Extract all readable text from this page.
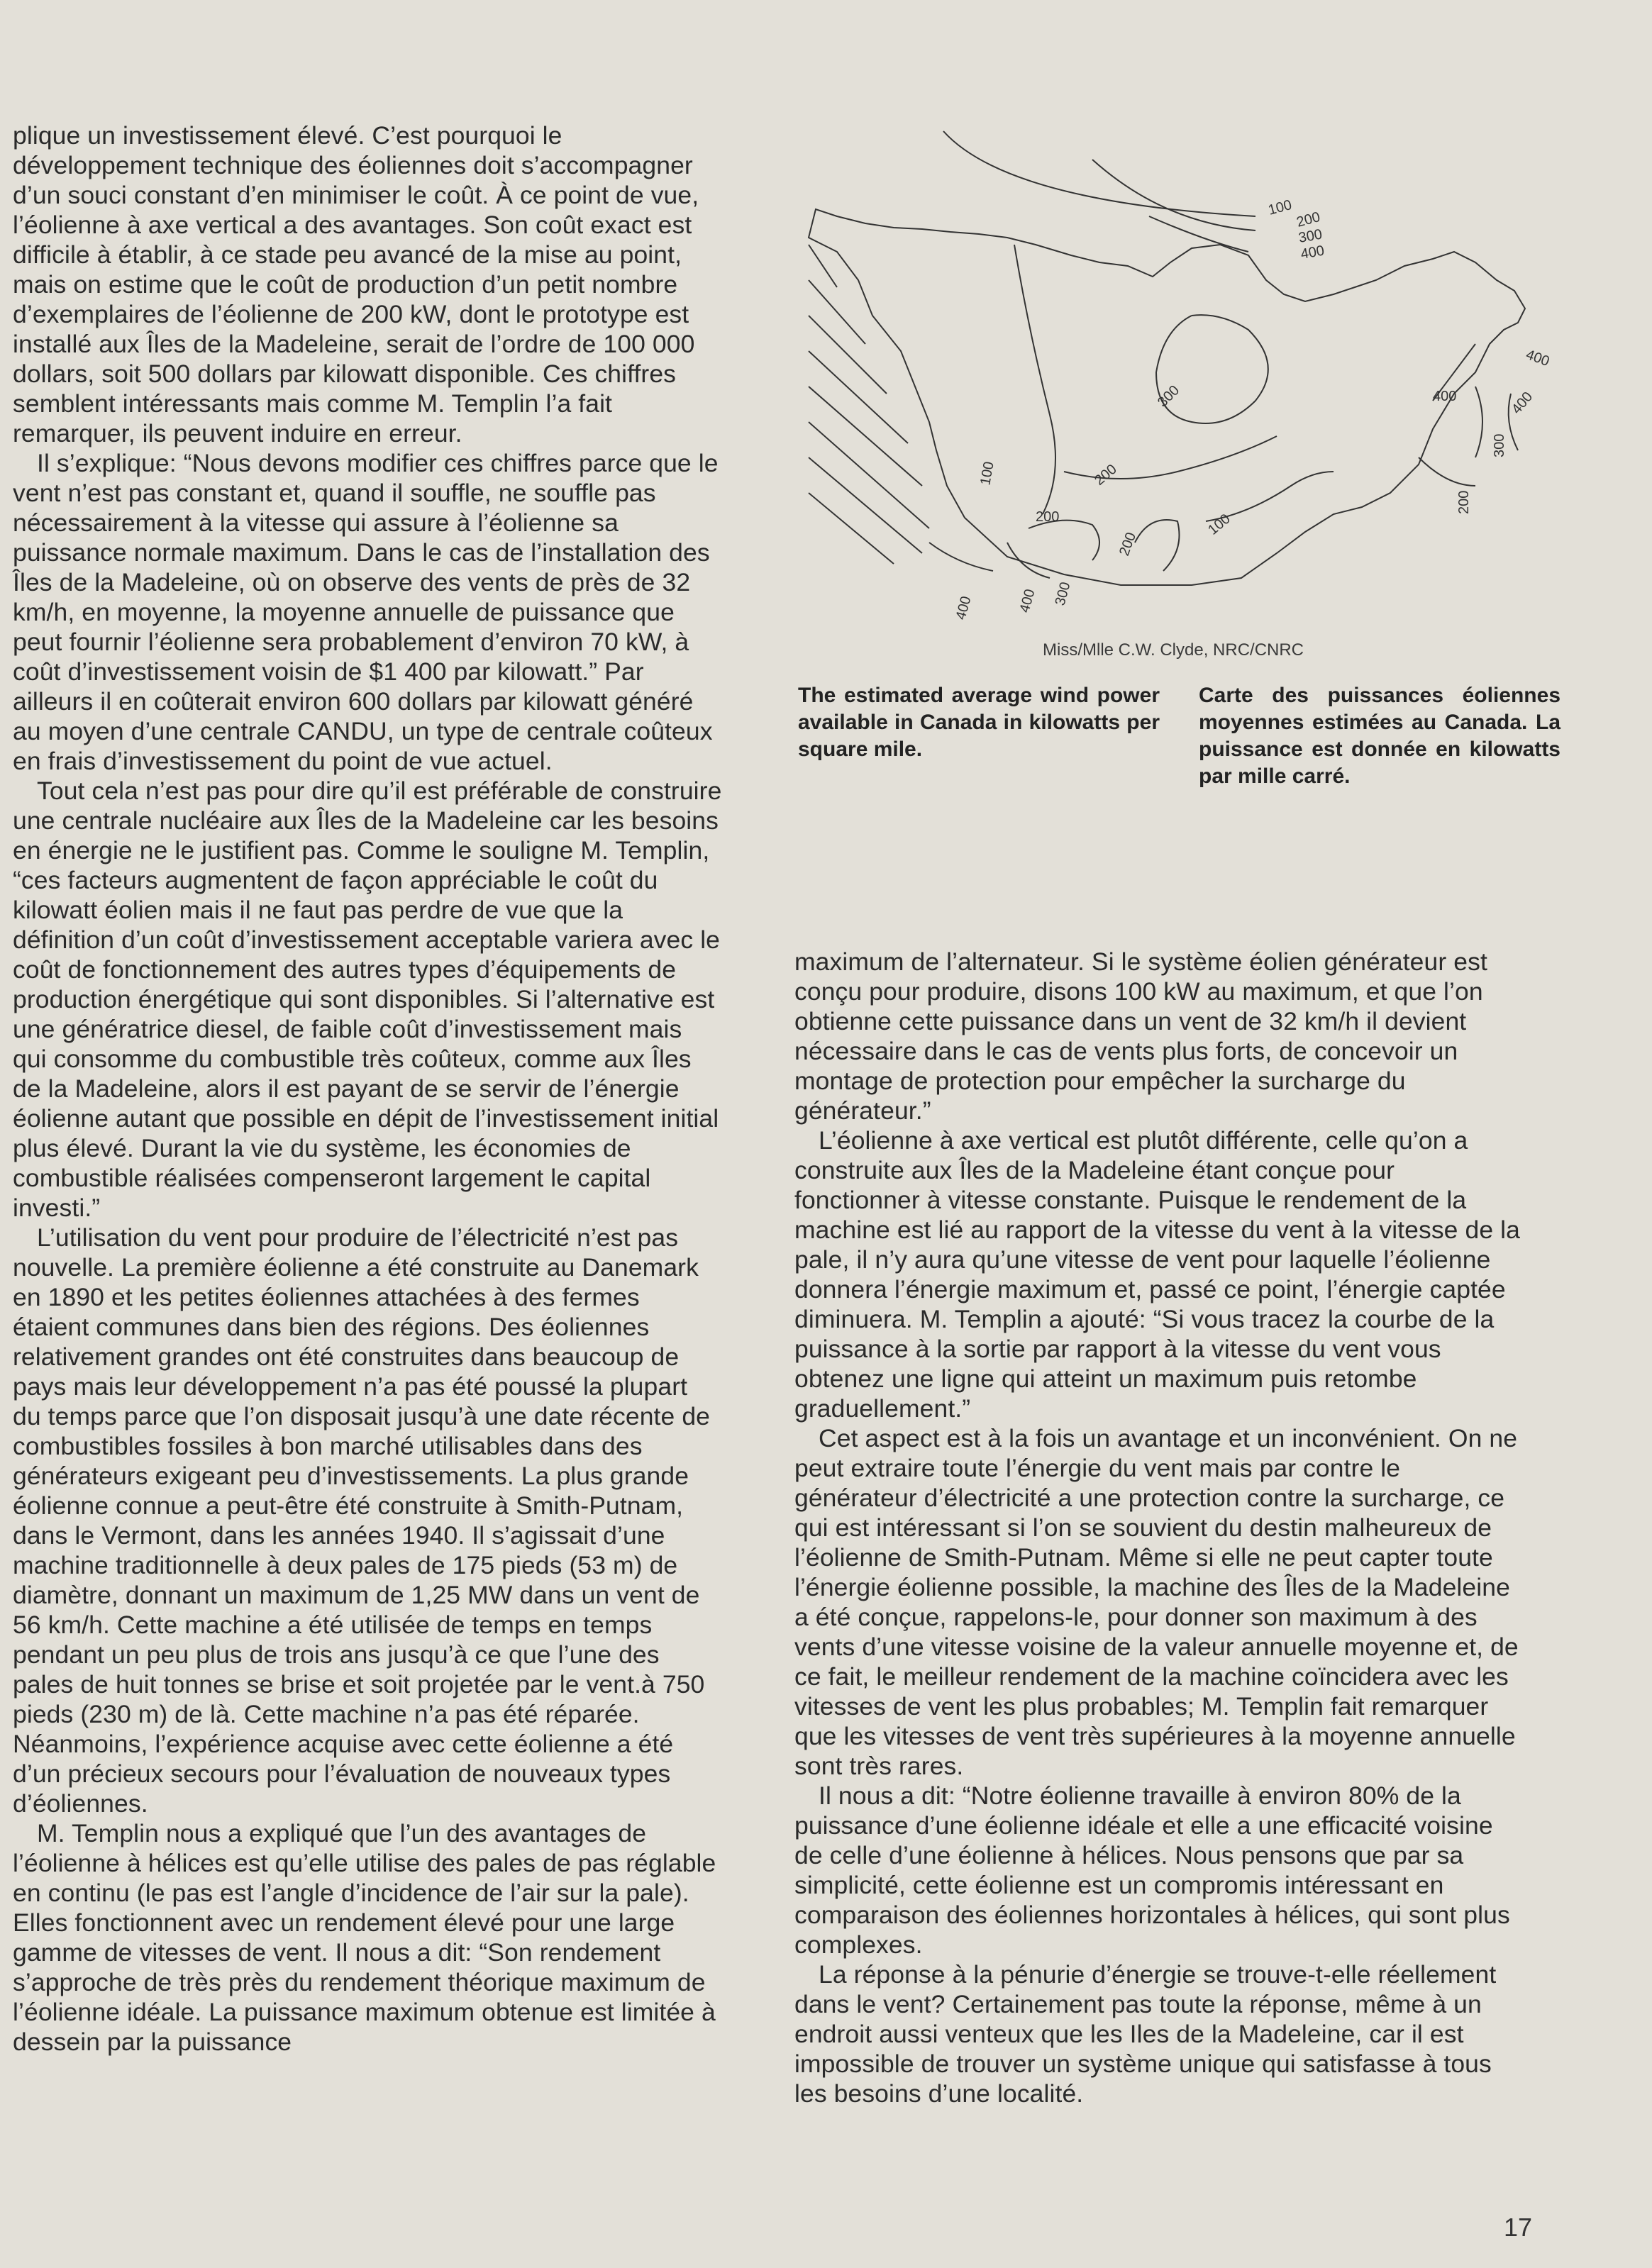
plique un investissement élevé. C’est pourquoi le développement technique des éoliennes doit s’accompagner d’un souci constant d’en minimiser le coût. À ce point de vue, l’éolienne à axe vertical a des avantages. Son coût exact est difficile à établir, à ce stade peu avancé de la mise au point, mais on estime que le coût de production d’un petit nombre d’exemplaires de l’éolienne de 200 kW, dont le prototype est installé aux Îles de la Madeleine, serait de l’ordre de 100 000 dollars, soit 500 dollars par kilowatt disponible. Ces chiffres semblent intéressants mais comme M. Templin l’a fait remarquer, ils peuvent induire en erreur.

Il s’explique: “Nous devons modifier ces chiffres parce que le vent n’est pas constant et, quand il souffle, ne souffle pas nécessairement à la vitesse qui assure à l’éolienne sa puissance normale maximum. Dans le cas de l’installation des Îles de la Madeleine, où on observe des vents de près de 32 km/h, en moyenne, la moyenne annuelle de puissance que peut fournir l’éolienne sera probablement d’environ 70 kW, à coût d’investissement voisin de $1 400 par kilowatt.” Par ailleurs il en coûterait environ 600 dollars par kilowatt généré au moyen d’une centrale CANDU, un type de centrale coûteux en frais d’investissement du point de vue actuel.

Tout cela n’est pas pour dire qu’il est préférable de construire une centrale nucléaire aux Îles de la Madeleine car les besoins en énergie ne le justifient pas. Comme le souligne M. Templin, “ces facteurs augmentent de façon appréciable le coût du kilowatt éolien mais il ne faut pas perdre de vue que la définition d’un coût d’investissement acceptable variera avec le coût de fonctionnement des autres types d’équipements de production énergétique qui sont disponibles. Si l’alternative est une génératrice diesel, de faible coût d’investissement mais qui consomme du combustible très coûteux, comme aux Îles de la Madeleine, alors il est payant de se servir de l’énergie éolienne autant que possible en dépit de l’investissement initial plus élevé. Durant la vie du système, les économies de combustible réalisées compenseront largement le capital investi.”

L’utilisation du vent pour produire de l’électricité n’est pas nouvelle. La première éolienne a été construite au Danemark en 1890 et les petites éoliennes attachées à des fermes étaient communes dans bien des régions. Des éoliennes relativement grandes ont été construites dans beaucoup de pays mais leur développement n’a pas été poussé la plupart du temps parce que l’on disposait jusqu’à une date récente de combustibles fossiles à bon marché utilisables dans des générateurs exigeant peu d’investissements. La plus grande éolienne connue a peut-être été construite à Smith-Putnam, dans le Vermont, dans les années 1940. Il s’agissait d’une machine traditionnelle à deux pales de 175 pieds (53 m) de diamètre, donnant un maximum de 1,25 MW dans un vent de 56 km/h. Cette machine a été utilisée de temps en temps pendant un peu plus de trois ans jusqu’à ce que l’une des pales de huit tonnes se brise et soit projetée par le vent.à 750 pieds (230 m) de là. Cette machine n’a pas été réparée. Néanmoins, l’expérience acquise avec cette éolienne a été d’un précieux secours pour l’évaluation de nouveaux types d’éoliennes.

M. Templin nous a expliqué que l’un des avantages de l’éolienne à hélices est qu’elle utilise des pales de pas réglable en continu (le pas est l’angle d’incidence de l’air sur la pale). Elles fonctionnent avec un rendement élevé pour une large gamme de vitesses de vent. Il nous a dit: “Son rendement s’approche de très près du rendement théorique maximum de l’éolienne idéale. La puissance maximum obtenue est limitée à dessein par la puissance

100
200
300
400
400
400	400
300
100
200
200
200
100
400	400 300
300
200
Miss/Mlle C.W. Clyde, NRC/CNRC
The estimated average wind power available in Canada in kilowatts per square mile.
Carte des puissances éoliennes moyennes estimées au Canada. La puissance est donnée en kilowatts par mille carré.

maximum de l’alternateur. Si le système éolien générateur est conçu pour produire, disons 100 kW au maximum, et que l’on obtienne cette puissance dans un vent de 32 km/h il devient nécessaire dans le cas de vents plus forts, de concevoir un montage de protection pour empêcher la surcharge du générateur.”

L’éolienne à axe vertical est plutôt différente, celle qu’on a construite aux Îles de la Madeleine étant conçue pour fonctionner à vitesse constante. Puisque le rendement de la machine est lié au rapport de la vitesse du vent à la vitesse de la pale, il n’y aura qu’une vitesse de vent pour laquelle l’éolienne donnera l’énergie maximum et, passé ce point, l’énergie captée diminuera. M. Templin a ajouté: “Si vous tracez la courbe de la puissance à la sortie par rapport à la vitesse du vent vous obtenez une ligne qui atteint un maximum puis retombe graduellement.”

Cet aspect est à la fois un avantage et un inconvénient. On ne peut extraire toute l’énergie du vent mais par contre le générateur d’électricité a une protection contre la surcharge, ce qui est intéressant si l’on se souvient du destin malheureux de l’éolienne de Smith-Putnam. Même si elle ne peut capter toute l’énergie éolienne possible, la machine des Îles de la Madeleine a été conçue, rappelons-le, pour donner son maximum à des vents d’une vitesse voisine de la valeur annuelle moyenne et, de ce fait, le meilleur rendement de la machine coïncidera avec les vitesses de vent les plus probables; M. Templin fait remarquer que les vitesses de vent très supérieures à la moyenne annuelle sont très rares.

Il nous a dit: “Notre éolienne travaille à environ 80% de la puissance d’une éolienne idéale et elle a une efficacité voisine de celle d’une éolienne à hélices. Nous pensons que par sa simplicité, cette éolienne est un compromis intéressant en comparaison des éoliennes horizontales à hélices, qui sont plus complexes.

La réponse à la pénurie d’énergie se trouve-t-elle réellement dans le vent? Certainement pas toute la réponse, même à un endroit aussi venteux que les Iles de la Madeleine, car il est impossible de trouver un système unique qui satisfasse à tous les besoins d’une localité.

17
